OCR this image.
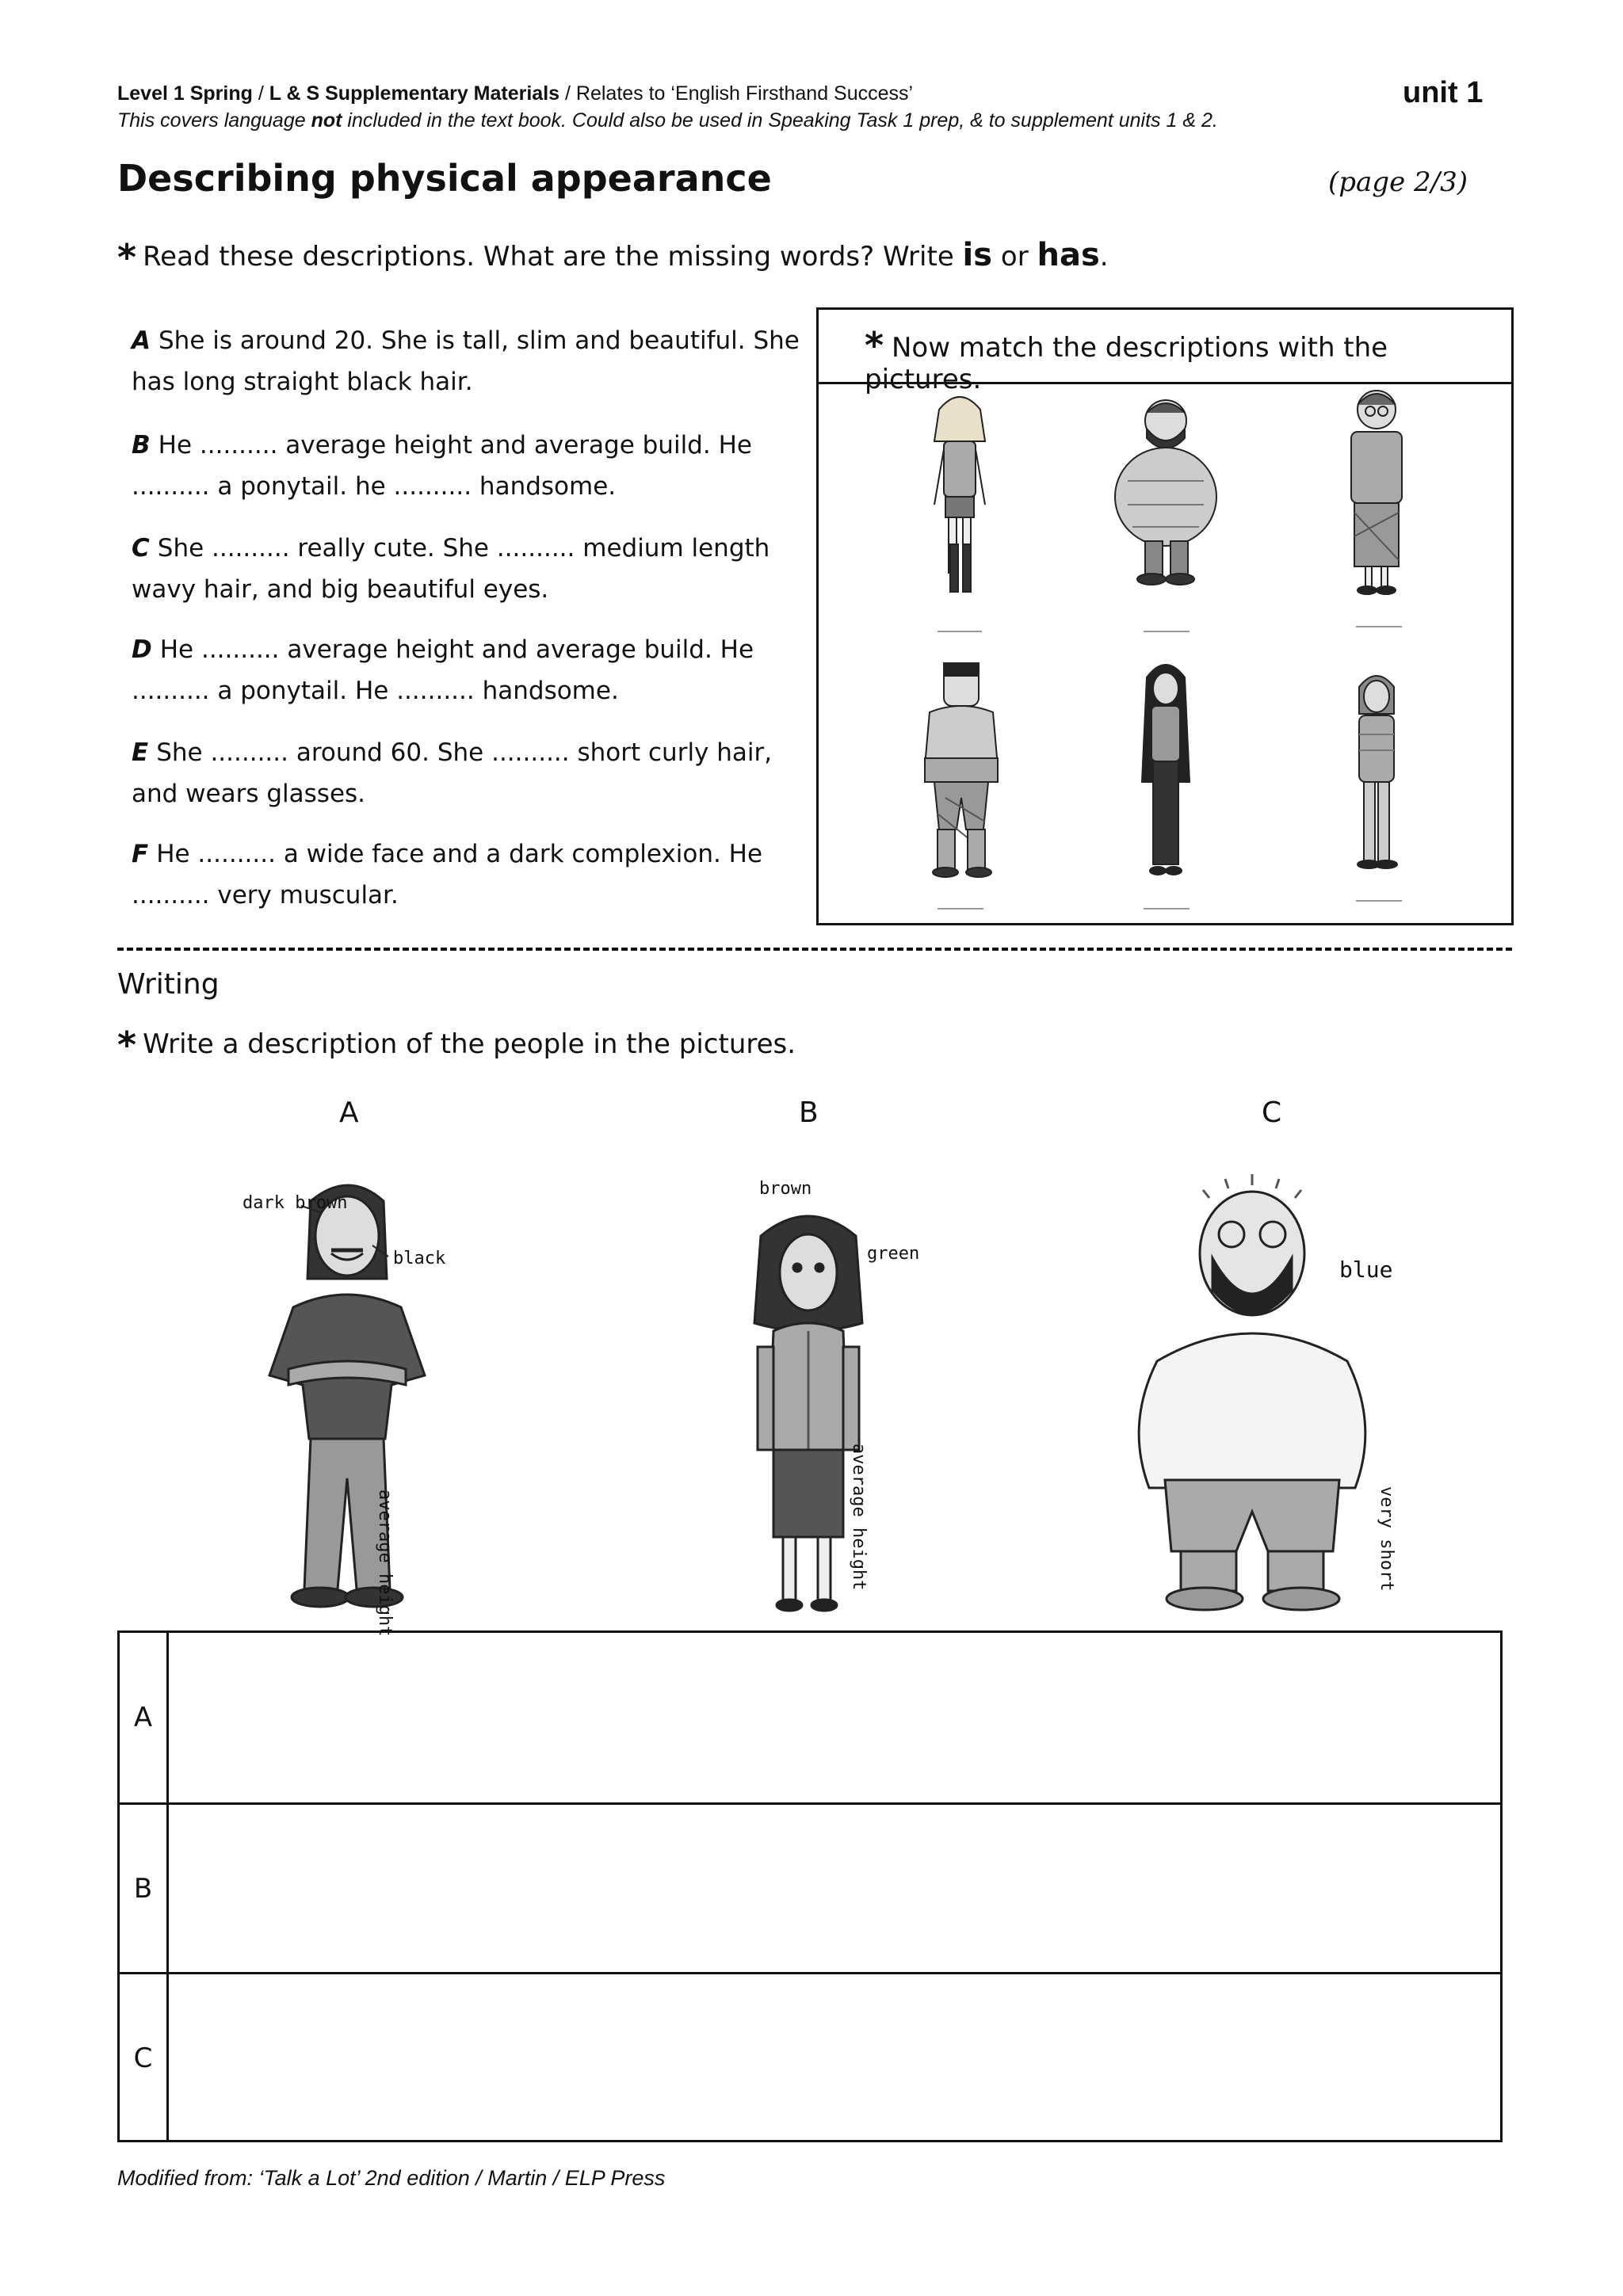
Level 1 Spring / L & S Supplementary Materials / Relates to ‘English Firsthand Success’
This covers language not included in the text book. Could also be used in Speaking Task 1 prep, & to supplement units 1 & 2.
unit 1
Describing physical appearance	(page 2/3)
* Read these descriptions. What are the missing words? Write is or has.
A She is around 20. She is tall, slim and beautiful. She has long straight black hair.
B He .......... average height and average build. He .......... a ponytail. he .......... handsome.
C She .......... really cute. She .......... medium length wavy hair, and big beautiful eyes.
D He .......... average height and average build. He .......... a ponytail. He .......... handsome.
E She .......... around 60. She .......... short curly hair, and wears glasses.
F He .......... a wide face and a dark complexion. He .......... very muscular.
* Now match the descriptions with the pictures.
Writing
* Write a description of the people in the pictures.
A	B	C
dark brown
black
average height
brown
green
average height
blue
very short
A
B
C
Modified from: ‘Talk a Lot’ 2nd edition / Martin / ELP Press
